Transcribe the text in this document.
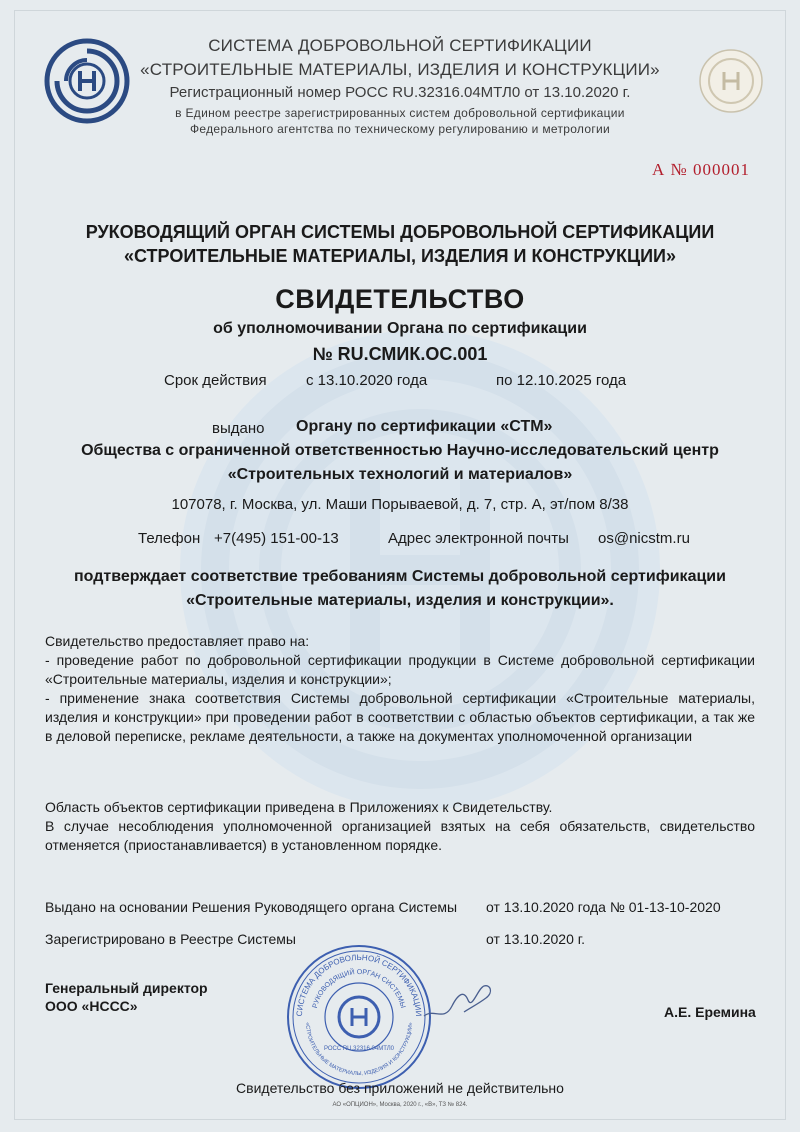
СИСТЕМА ДОБРОВОЛЬНОЙ СЕРТИФИКАЦИИ
«СТРОИТЕЛЬНЫЕ МАТЕРИАЛЫ, ИЗДЕЛИЯ И КОНСТРУКЦИИ»
Регистрационный номер РОСС RU.32316.04МТЛ0 от 13.10.2020 г.
в Едином реестре зарегистрированных систем добровольной сертификации
Федерального агентства по техническому регулированию и метрологии
А № 000001
РУКОВОДЯЩИЙ ОРГАН СИСТЕМЫ ДОБРОВОЛЬНОЙ СЕРТИФИКАЦИИ
«СТРОИТЕЛЬНЫЕ МАТЕРИАЛЫ, ИЗДЕЛИЯ И КОНСТРУКЦИИ»
СВИДЕТЕЛЬСТВО
об уполномочивании Органа по сертификации
№ RU.СМИК.ОС.001
Срок действия	с 13.10.2020 года	по 12.10.2025 года
выдано Органу по сертификации «СТМ»
Общества с ограниченной ответственностью Научно-исследовательский центр
«Строительных технологий и материалов»
107078, г. Москва, ул. Маши Порываевой, д. 7, стр. А, эт/пом 8/38
Телефон +7(495) 151-00-13	Адрес электронной почты os@nicstm.ru
подтверждает соответствие требованиям Системы добровольной сертификации
«Строительные материалы, изделия и конструкции».
Свидетельство предоставляет право на:
- проведение работ по добровольной сертификации продукции в Системе добровольной сертификации «Строительные материалы, изделия и конструкции»;
- применение знака соответствия Системы добровольной сертификации «Строительные материалы, изделия и конструкции» при проведении работ в соответствии с областью объектов сертификации, а так же в деловой переписке, рекламе деятельности, а также на документах уполномоченной организации
Область объектов сертификации приведена в Приложениях к Свидетельству.
В случае несоблюдения уполномоченной организацией взятых на себя обязательств, свидетельство отменяется (приостанавливается) в установленном порядке.
Выдано на основании Решения Руководящего органа Системы от 13.10.2020 года № 01-13-10-2020
Зарегистрировано в Реестре Системы	от 13.10.2020 г.
Генеральный директор
ООО «НССС»	А.Е. Еремина
СИСТЕМА ДОБРОВОЛЬНОЙ СЕРТИФИКАЦИИ
РУКОВОДЯЩИЙ ОРГАН СИСТЕМЫ
«СТРОИТЕЛЬНЫЕ МАТЕРИАЛЫ, ИЗДЕЛИЯ И КОНСТРУКЦИИ»
РОСС RU.32316.04МТЛ0
Свидетельство без приложений не действительно
АО «ОПЦИОН», Москва, 2020 г., «В», ТЗ № 824.
